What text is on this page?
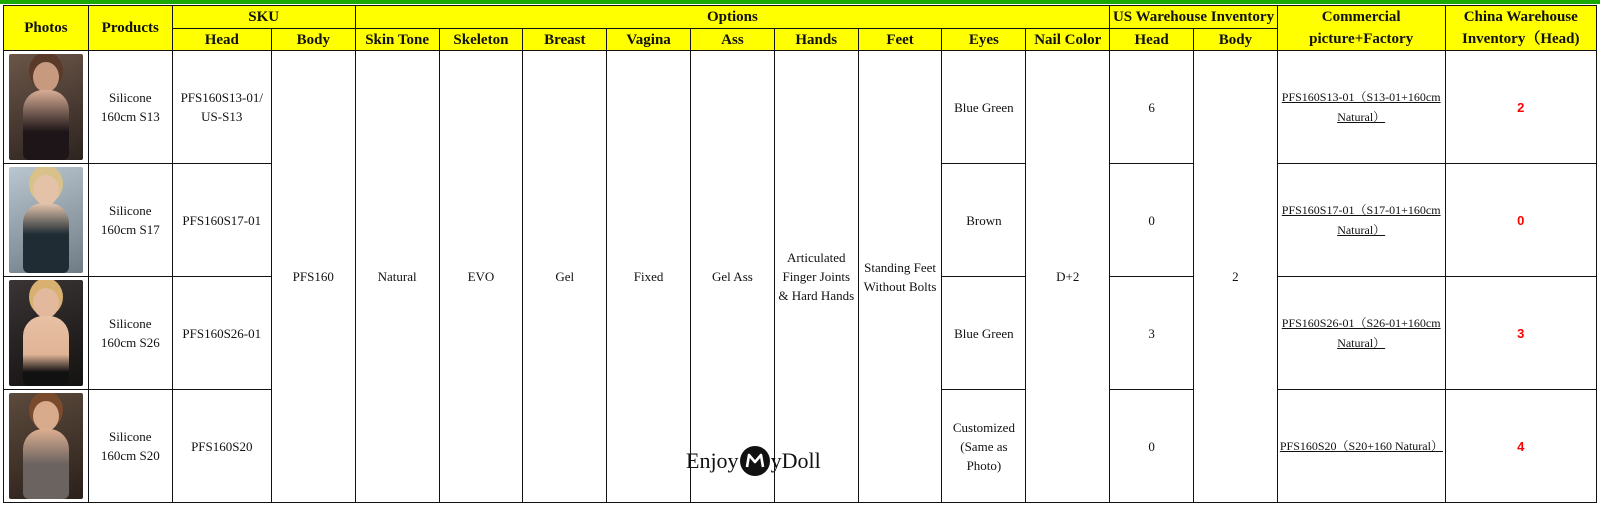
Photos	Products	SKU		Options									US Warehouse Inventory		Commercial picture+Factory	China Warehouse Inventory（Head)
		Head	Body	Skin Tone	Skeleton	Breast	Vagina	Ass	Hands	Feet	Eyes	Nail Color	Head	Body		

	Silicone 160cm S13	PFS160S13-01/ US-S13	PFS160	Natural	EVO	Gel	Fixed	Gel Ass	Articulated Finger Joints & Hard Hands	Standing Feet Without Bolts	Blue Green	D+2	6	2	PFS160S13-01（S13-01+160cm Natural）	2

	Silicone 160cm S17	PFS160S17-01									Brown		0		PFS160S17-01（S17-01+160cm Natural）	0

	Silicone 160cm S26	PFS160S26-01									Blue Green		3		PFS160S26-01（S26-01+160cm Natural）	3

	Silicone 160cm S20	PFS160S20									Customized (Same as Photo)		0		PFS160S20（S20+160 Natural）	4
Enjoy yDoll
